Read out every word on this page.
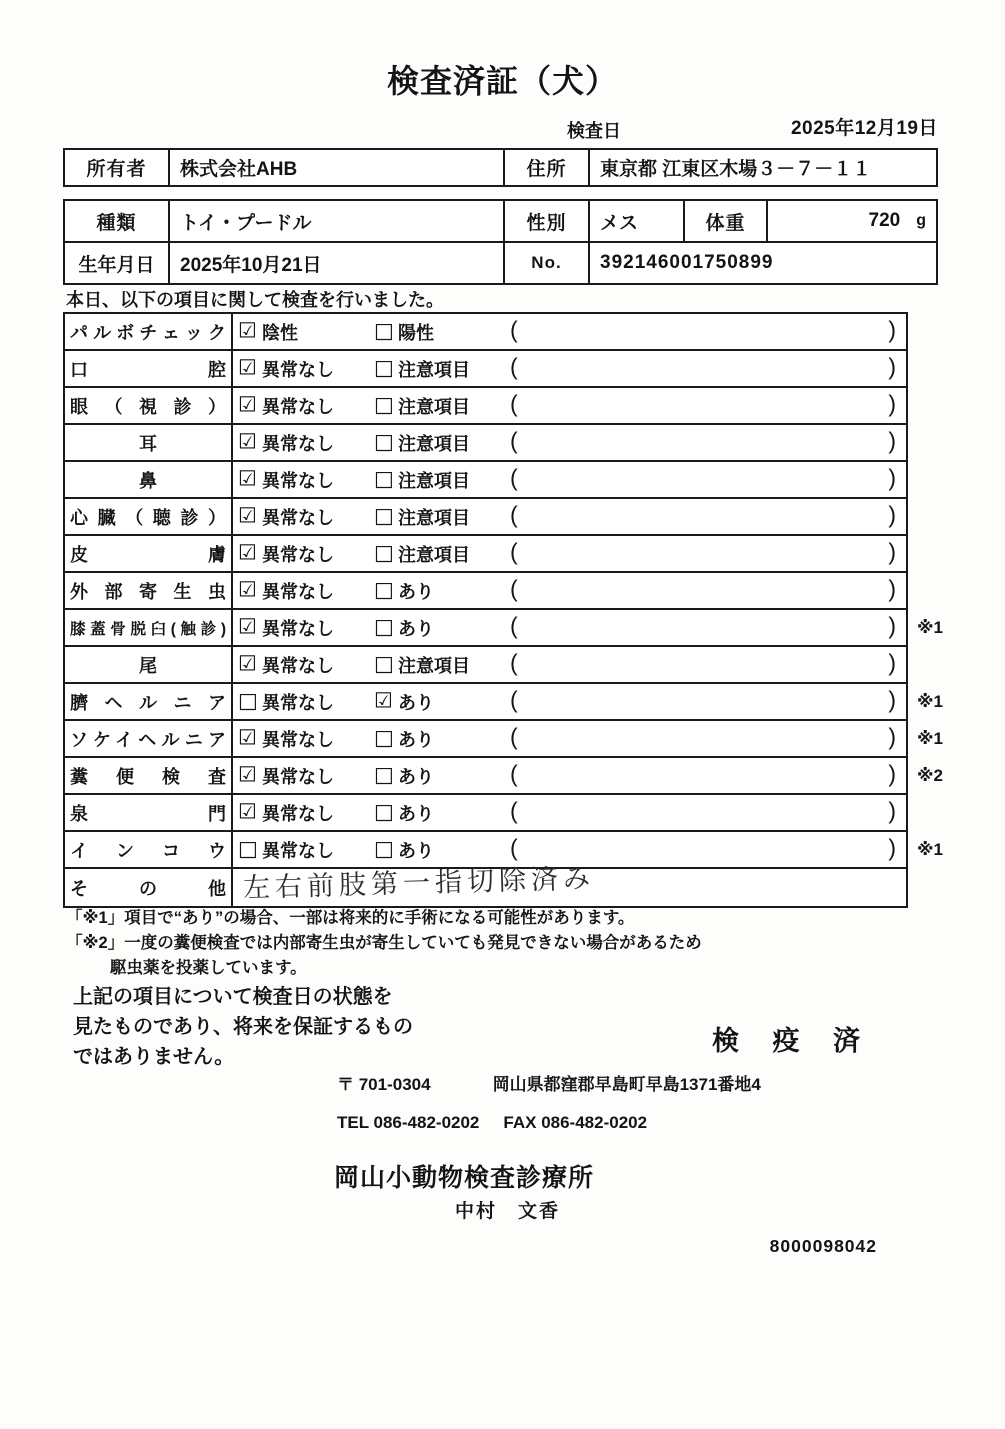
検査済証（犬）
検査日	2025年12月19日
所有者	株式会社AHB	住所	東京都 江東区木場３－７－１１
種類	トイ・プードル	性別	メス	体重	720 g
生年月日	2025年10月21日	No.	392146001750899
本日、以下の項目に関して検査を行いました。
パルボチェック ☑ 陰性	□ 陽性	(	)
口腔 ☑ 異常なし □ 注意項目 (	)
眼（視診） ☑ 異常なし □ 注意項目 (	)
耳	☑ 異常なし □ 注意項目 (	)
鼻	☑ 異常なし □ 注意項目 (	)
心臓（聴診） ☑ 異常なし □ 注意項目 (	)
皮膚 ☑ 異常なし □ 注意項目 (	)
外部寄生虫 ☑ 異常なし □ あり	(	)
膝蓋骨脱臼(触診) ☑ 異常なし □ あり	(	) ※1
尾	☑ 異常なし □ 注意項目 (	)
臍ヘルニア □ 異常なし ☑ あり	(	) ※1
ソケイヘルニア ☑ 異常なし □ あり	(	) ※1
糞便検査 ☑ 異常なし □ あり	(	) ※2
泉門 ☑ 異常なし □ あり	(	)
インコウ □ 異常なし □ あり	(	) ※1
その他 左右前肢第一指切除済み
「※1」項目で“あり”の場合、一部は将来的に手術になる可能性があります。
「※2」一度の糞便検査では内部寄生虫が寄生していても発見できない場合があるため
駆虫薬を投薬しています。
上記の項目について検査日の状態を
見たものであり、将来を保証するもの
ではありません。
検 疫 済
〒 701-0304	岡山県都窪郡早島町早島1371番地4
TEL 086-482-0202 FAX 086-482-0202
岡山小動物検査診療所
中村　文香
8000098042
